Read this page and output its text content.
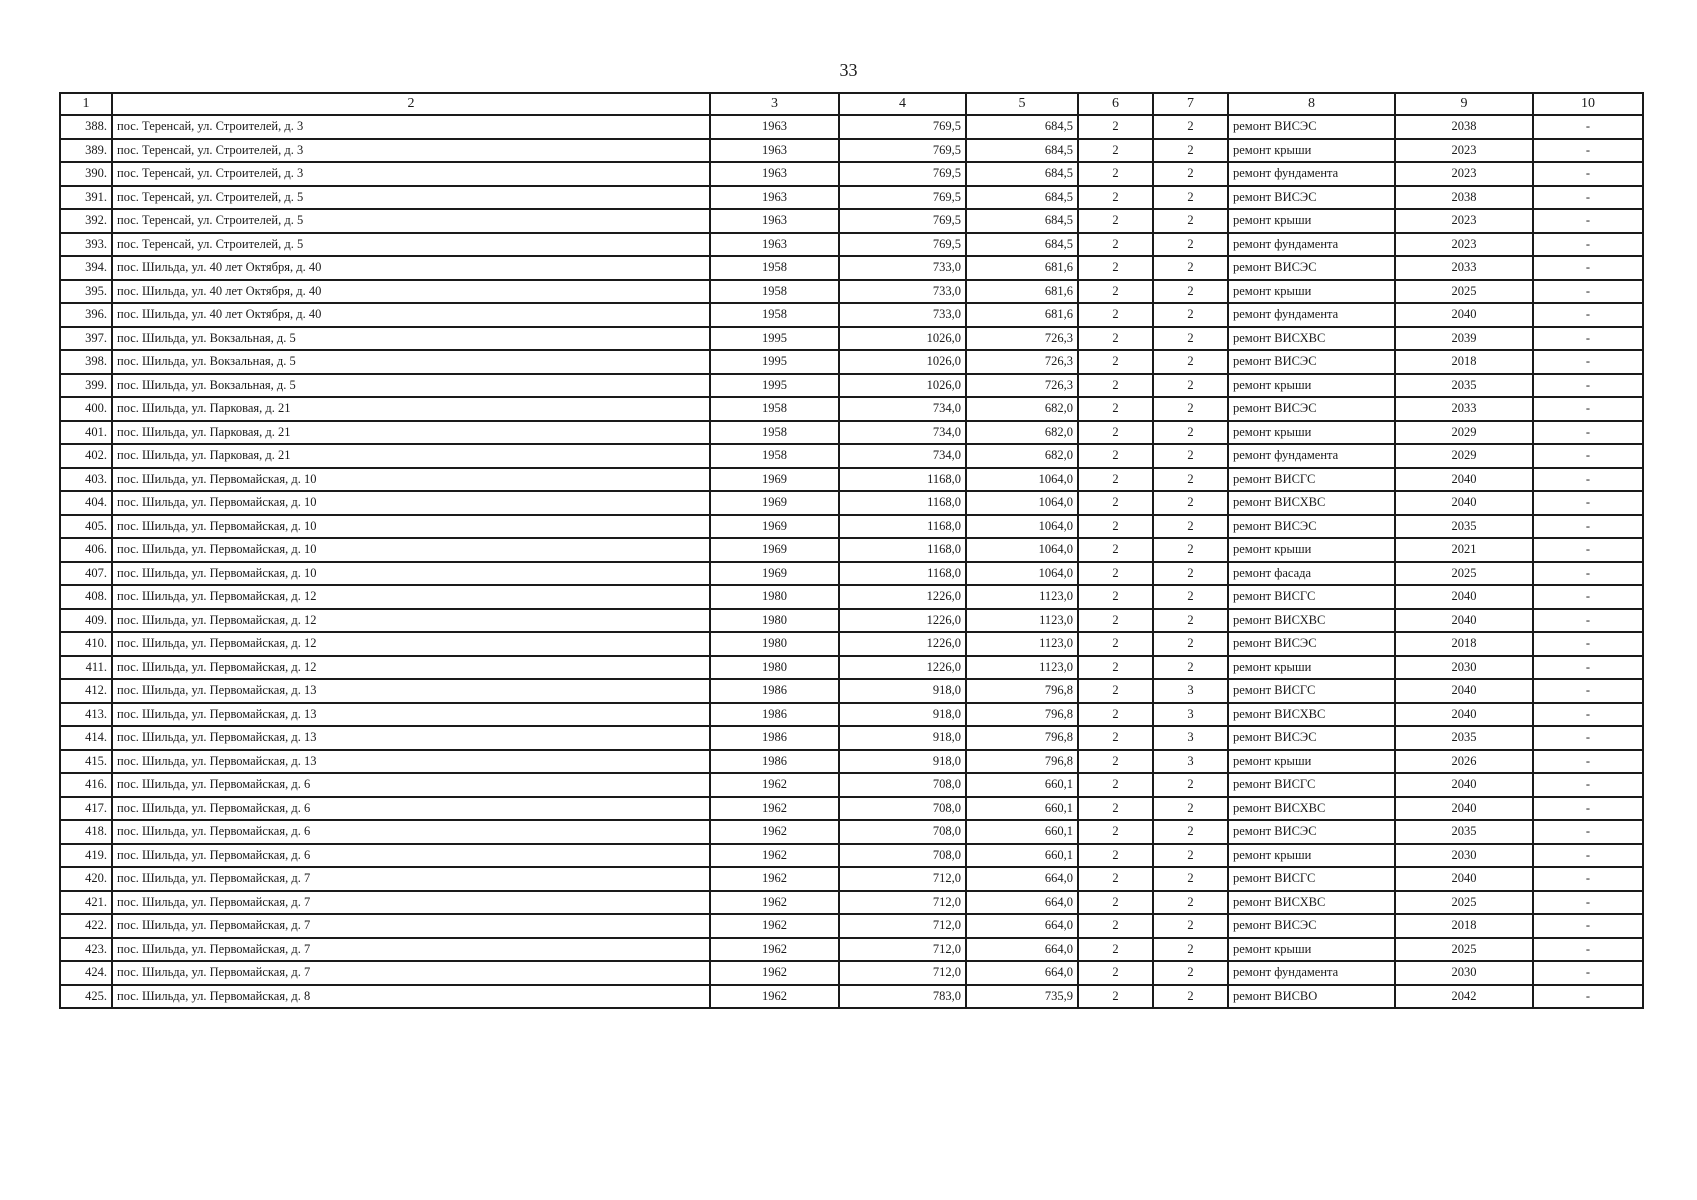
33
1	2	3	4	5	6	7	8	9	10
388.	пос. Теренсай, ул. Строителей, д. 3	1963	769,5	684,5	2	2	ремонт ВИСЭС	2038	-
389.	пос. Теренсай, ул. Строителей, д. 3	1963	769,5	684,5	2	2	ремонт крыши	2023	-
390.	пос. Теренсай, ул. Строителей, д. 3	1963	769,5	684,5	2	2	ремонт фундамента	2023	-
391.	пос. Теренсай, ул. Строителей, д. 5	1963	769,5	684,5	2	2	ремонт ВИСЭС	2038	-
392.	пос. Теренсай, ул. Строителей, д. 5	1963	769,5	684,5	2	2	ремонт крыши	2023	-
393.	пос. Теренсай, ул. Строителей, д. 5	1963	769,5	684,5	2	2	ремонт фундамента	2023	-
394.	пос. Шильда, ул. 40 лет Октября, д. 40	1958	733,0	681,6	2	2	ремонт ВИСЭС	2033	-
395.	пос. Шильда, ул. 40 лет Октября, д. 40	1958	733,0	681,6	2	2	ремонт крыши	2025	-
396.	пос. Шильда, ул. 40 лет Октября, д. 40	1958	733,0	681,6	2	2	ремонт фундамента	2040	-
397.	пос. Шильда, ул. Вокзальная, д. 5	1995	1026,0	726,3	2	2	ремонт ВИСХВС	2039	-
398.	пос. Шильда, ул. Вокзальная, д. 5	1995	1026,0	726,3	2	2	ремонт ВИСЭС	2018	-
399.	пос. Шильда, ул. Вокзальная, д. 5	1995	1026,0	726,3	2	2	ремонт крыши	2035	-
400.	пос. Шильда, ул. Парковая, д. 21	1958	734,0	682,0	2	2	ремонт ВИСЭС	2033	-
401.	пос. Шильда, ул. Парковая, д. 21	1958	734,0	682,0	2	2	ремонт крыши	2029	-
402.	пос. Шильда, ул. Парковая, д. 21	1958	734,0	682,0	2	2	ремонт фундамента	2029	-
403.	пос. Шильда, ул. Первомайская, д. 10	1969	1168,0	1064,0	2	2	ремонт ВИСГС	2040	-
404.	пос. Шильда, ул. Первомайская, д. 10	1969	1168,0	1064,0	2	2	ремонт ВИСХВС	2040	-
405.	пос. Шильда, ул. Первомайская, д. 10	1969	1168,0	1064,0	2	2	ремонт ВИСЭС	2035	-
406.	пос. Шильда, ул. Первомайская, д. 10	1969	1168,0	1064,0	2	2	ремонт крыши	2021	-
407.	пос. Шильда, ул. Первомайская, д. 10	1969	1168,0	1064,0	2	2	ремонт фасада	2025	-
408.	пос. Шильда, ул. Первомайская, д. 12	1980	1226,0	1123,0	2	2	ремонт ВИСГС	2040	-
409.	пос. Шильда, ул. Первомайская, д. 12	1980	1226,0	1123,0	2	2	ремонт ВИСХВС	2040	-
410.	пос. Шильда, ул. Первомайская, д. 12	1980	1226,0	1123,0	2	2	ремонт ВИСЭС	2018	-
411.	пос. Шильда, ул. Первомайская, д. 12	1980	1226,0	1123,0	2	2	ремонт крыши	2030	-
412.	пос. Шильда, ул. Первомайская, д. 13	1986	918,0	796,8	2	3	ремонт ВИСГС	2040	-
413.	пос. Шильда, ул. Первомайская, д. 13	1986	918,0	796,8	2	3	ремонт ВИСХВС	2040	-
414.	пос. Шильда, ул. Первомайская, д. 13	1986	918,0	796,8	2	3	ремонт ВИСЭС	2035	-
415.	пос. Шильда, ул. Первомайская, д. 13	1986	918,0	796,8	2	3	ремонт крыши	2026	-
416.	пос. Шильда, ул. Первомайская, д. 6	1962	708,0	660,1	2	2	ремонт ВИСГС	2040	-
417.	пос. Шильда, ул. Первомайская, д. 6	1962	708,0	660,1	2	2	ремонт ВИСХВС	2040	-
418.	пос. Шильда, ул. Первомайская, д. 6	1962	708,0	660,1	2	2	ремонт ВИСЭС	2035	-
419.	пос. Шильда, ул. Первомайская, д. 6	1962	708,0	660,1	2	2	ремонт крыши	2030	-
420.	пос. Шильда, ул. Первомайская, д. 7	1962	712,0	664,0	2	2	ремонт ВИСГС	2040	-
421.	пос. Шильда, ул. Первомайская, д. 7	1962	712,0	664,0	2	2	ремонт ВИСХВС	2025	-
422.	пос. Шильда, ул. Первомайская, д. 7	1962	712,0	664,0	2	2	ремонт ВИСЭС	2018	-
423.	пос. Шильда, ул. Первомайская, д. 7	1962	712,0	664,0	2	2	ремонт крыши	2025	-
424.	пос. Шильда, ул. Первомайская, д. 7	1962	712,0	664,0	2	2	ремонт фундамента	2030	-
425.	пос. Шильда, ул. Первомайская, д. 8	1962	783,0	735,9	2	2	ремонт ВИСВО	2042	-
